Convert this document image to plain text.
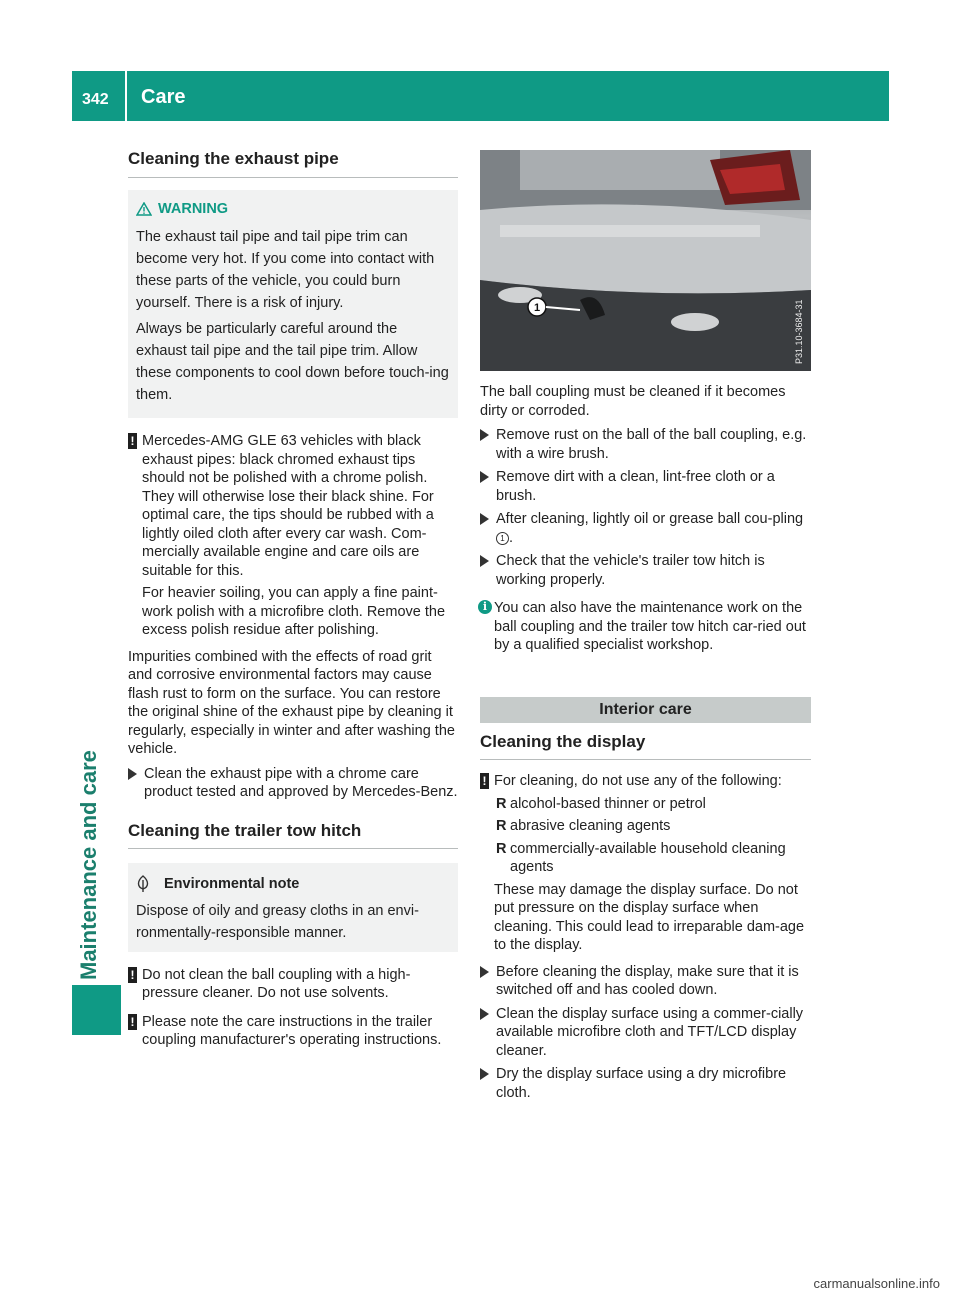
342 Care
Maintenance and care
Cleaning the exhaust pipe
WARNING

The exhaust tail pipe and tail pipe trim can become very hot. If you come into contact with these parts of the vehicle, you could burn yourself. There is a risk of injury.

Always be particularly careful around the exhaust tail pipe and the tail pipe trim. Allow these components to cool down before touch-ing them.

! Mercedes-AMG GLE 63 vehicles with black exhaust pipes: black chromed exhaust tips should not be polished with a chrome polish. They will otherwise lose their black shine. For optimal care, the tips should be rubbed with a lightly oiled cloth after every car wash. Com-mercially available engine and care oils are suitable for this.

For heavier soiling, you can apply a fine paint-work polish with a microfibre cloth. Remove the excess polish residue after polishing.

Impurities combined with the effects of road grit and corrosive environmental factors may cause flash rust to form on the surface. You can restore the original shine of the exhaust pipe by cleaning it regularly, especially in winter and after washing the vehicle.

Clean the exhaust pipe with a chrome care product tested and approved by Mercedes-Benz.
Cleaning the trailer tow hitch
Environmental note

Dispose of oily and greasy cloths in an envi-ronmentally-responsible manner.

! Do not clean the ball coupling with a high-pressure cleaner. Do not use solvents.

! Please note the care instructions in the trailer coupling manufacturer's operating instructions.

1	P31.10-3684-31

The ball coupling must be cleaned if it becomes dirty or corroded.

Remove rust on the ball of the ball coupling, e.g. with a wire brush.
Remove dirt with a clean, lint-free cloth or a brush.
After cleaning, lightly oil or grease ball cou-pling 1 .
Check that the vehicle's trailer tow hitch is working properly.
i You can also have the maintenance work on the ball coupling and the trailer tow hitch car-ried out by a qualified specialist workshop.
Interior care
Cleaning the display
! For cleaning, do not use any of the following:

R alcohol-based thinner or petrol
R abrasive cleaning agents
R commercially-available household cleaning agents

These may damage the display surface. Do not put pressure on the display surface when cleaning. This could lead to irreparable dam-age to the display.

Before cleaning the display, make sure that it is switched off and has cooled down.
Clean the display surface using a commer-cially available microfibre cloth and TFT/LCD display cleaner.
Dry the display surface using a dry microfibre cloth.
carmanualsonline.info
